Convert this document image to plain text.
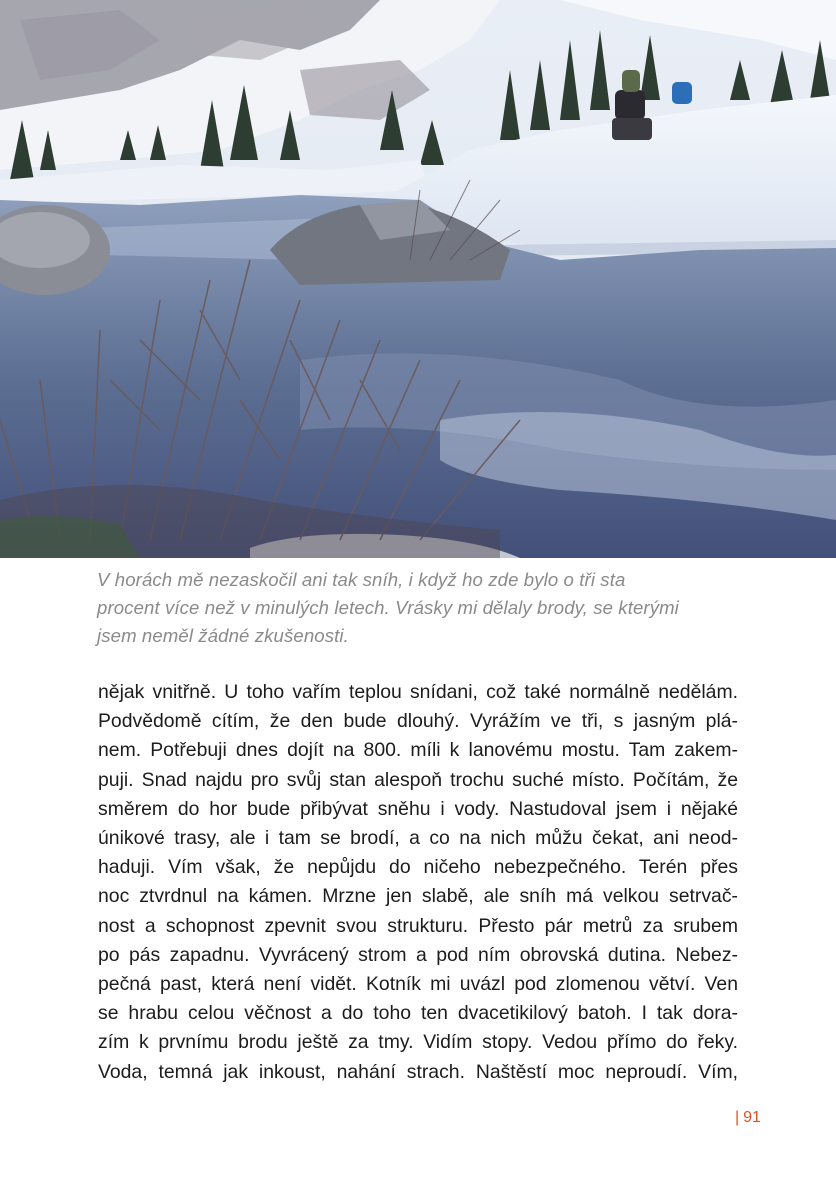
V horách mě nezaskočil ani tak sníh, i když ho zde bylo o tři sta
procent více než v minulých letech. Vrásky mi dělaly brody, se kterými
jsem neměl žádné zkušenosti.
nějak vnitřně. U toho vařím teplou snídani, což také normálně nedělám.
Podvědomě cítím, že den bude dlouhý. Vyrážím ve tři, s jasným plá-
nem. Potřebuji dnes dojít na 800. míli k lanovému mostu. Tam zakem-
puji. Snad najdu pro svůj stan alespoň trochu suché místo. Počítám, že
směrem do hor bude přibývat sněhu i vody. Nastudoval jsem i nějaké
únikové trasy, ale i tam se brodí, a co na nich můžu čekat, ani neod-
haduji. Vím však, že nepůjdu do ničeho nebezpečného. Terén přes
noc ztvrdnul na kámen. Mrzne jen slabě, ale sníh má velkou setrvač-
nost a schopnost zpevnit svou strukturu. Přesto pár metrů za srubem
po pás zapadnu. Vyvrácený strom a pod ním obrovská dutina. Nebez-
pečná past, která není vidět. Kotník mi uvázl pod zlomenou větví. Ven
se hrabu celou věčnost a do toho ten dvacetikilový batoh. I tak dora-
zím k prvnímu brodu ještě za tmy. Vidím stopy. Vedou přímo do řeky.
Voda, temná jak inkoust, nahání strach. Naštěstí moc neproudí. Vím,
| 91
